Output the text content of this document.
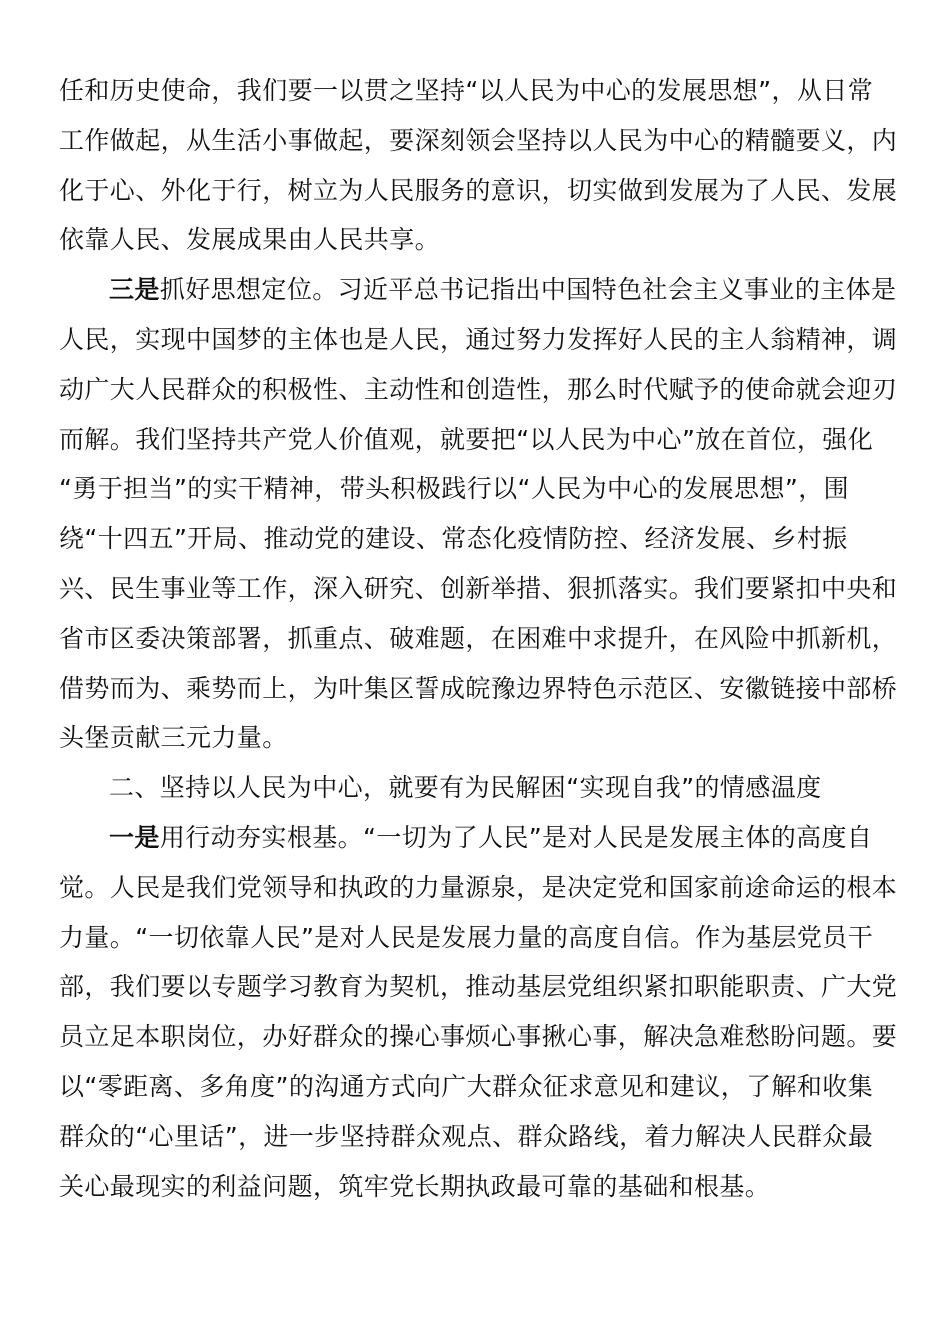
任和历史使命，我们要一以贯之坚持“以人民为中心的发展思想”，从日常
工作做起，从生活小事做起，要深刻领会坚持以人民为中心的精髓要义，内
化于心、外化于行，树立为人民服务的意识，切实做到发展为了人民、发展
依靠人民、发展成果由人民共享。
三是抓好思想定位。习近平总书记指出中国特色社会主义事业的主体是
人民，实现中国梦的主体也是人民，通过努力发挥好人民的主人翁精神，调
动广大人民群众的积极性、主动性和创造性，那么时代赋予的使命就会迎刃
而解。我们坚持共产党人价值观，就要把“以人民为中心”放在首位，强化
“勇于担当”的实干精神，带头积极践行以“人民为中心的发展思想”，围
绕“十四五”开局、推动党的建设、常态化疫情防控、经济发展、乡村振
兴、民生事业等工作，深入研究、创新举措、狠抓落实。我们要紧扣中央和
省市区委决策部署，抓重点、破难题，在困难中求提升，在风险中抓新机，
借势而为、乘势而上，为叶集区誓成皖豫边界特色示范区、安徽链接中部桥
头堡贡献三元力量。
二、坚持以人民为中心，就要有为民解困“实现自我”的情感温度
一是用行动夯实根基。“一切为了人民”是对人民是发展主体的高度自
觉。人民是我们党领导和执政的力量源泉，是决定党和国家前途命运的根本
力量。“一切依靠人民”是对人民是发展力量的高度自信。作为基层党员干
部，我们要以专题学习教育为契机，推动基层党组织紧扣职能职责、广大党
员立足本职岗位，办好群众的操心事烦心事揪心事，解决急难愁盼问题。要
以“零距离、多角度”的沟通方式向广大群众征求意见和建议，了解和收集
群众的“心里话”，进一步坚持群众观点、群众路线，着力解决人民群众最
关心最现实的利益问题，筑牢党长期执政最可靠的基础和根基。
